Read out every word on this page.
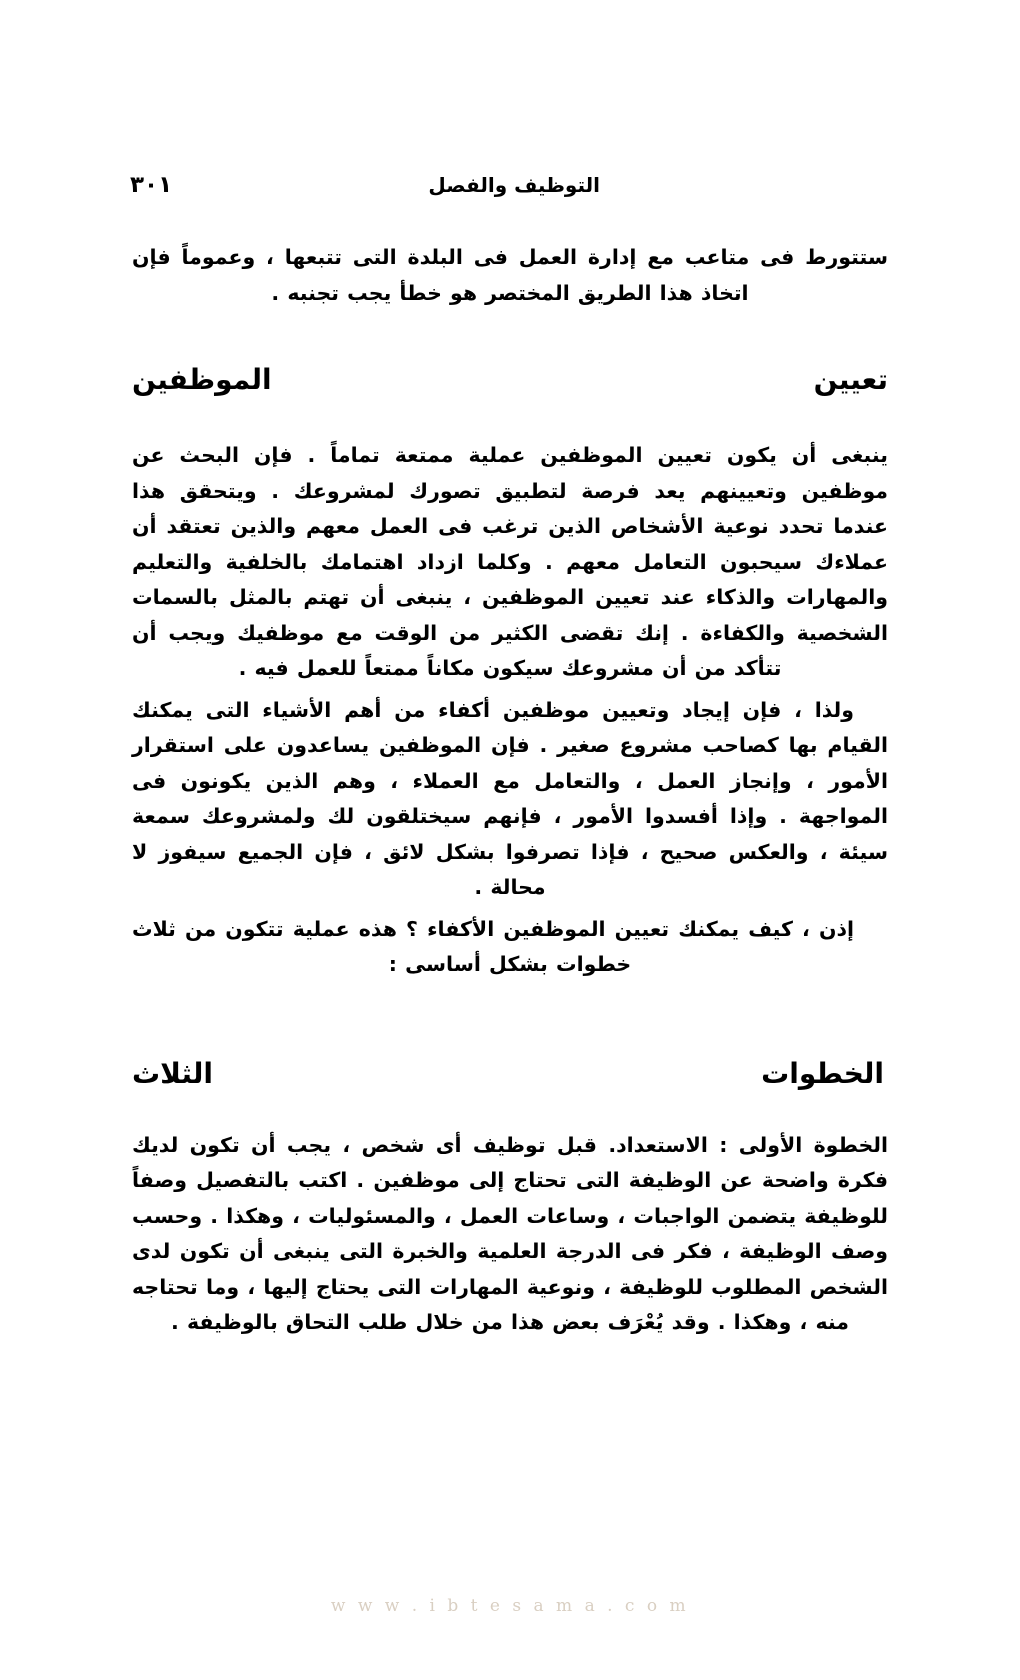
التوظيف والفصل
٣٠١

ستتورط فى متاعب مع إدارة العمل فى البلدة التى تتبعها ، وعموماً فإن اتخاذ هذا الطريق المختصر هو خطأ يجب تجنبه .

تعيين الموظفين

ينبغى أن يكون تعيين الموظفين عملية ممتعة تماماً . فإن البحث عن موظفين وتعيينهم يعد فرصة لتطبيق تصورك لمشروعك . ويتحقق هذا عندما تحدد نوعية الأشخاص الذين ترغب فى العمل معهم والذين تعتقد أن عملاءك سيحبون التعامل معهم . وكلما ازداد اهتمامك بالخلفية والتعليم والمهارات والذكاء عند تعيين الموظفين ، ينبغى أن تهتم بالمثل بالسمات الشخصية والكفاءة . إنك تقضى الكثير من الوقت مع موظفيك ويجب أن تتأكد من أن مشروعك سيكون مكاناً ممتعاً للعمل فيه .

ولذا ، فإن إيجاد وتعيين موظفين أكفاء من أهم الأشياء التى يمكنك القيام بها كصاحب مشروع صغير . فإن الموظفين يساعدون على استقرار الأمور ، وإنجاز العمل ، والتعامل مع العملاء ، وهم الذين يكونون فى المواجهة . وإذا أفسدوا الأمور ، فإنهم سيختلقون لك ولمشروعك سمعة سيئة ، والعكس صحيح ، فإذا تصرفوا بشكل لائق ، فإن الجميع سيفوز لا محالة .

إذن ، كيف يمكنك تعيين الموظفين الأكفاء ؟ هذه عملية تتكون من ثلاث خطوات بشكل أساسى :

الخطوات الثلاث

الخطوة الأولى : الاستعداد. قبل توظيف أى شخص ، يجب أن تكون لديك فكرة واضحة عن الوظيفة التى تحتاج إلى موظفين . اكتب بالتفصيل وصفاً للوظيفة يتضمن الواجبات ، وساعات العمل ، والمسئوليات ، وهكذا . وحسب وصف الوظيفة ، فكر فى الدرجة العلمية والخبرة التى ينبغى أن تكون لدى الشخص المطلوب للوظيفة ، ونوعية المهارات التى يحتاج إليها ، وما تحتاجه منه ، وهكذا . وقد يُعْرَف بعض هذا من خلال طلب التحاق بالوظيفة .

w w w . i b t e s a m a . c o m
